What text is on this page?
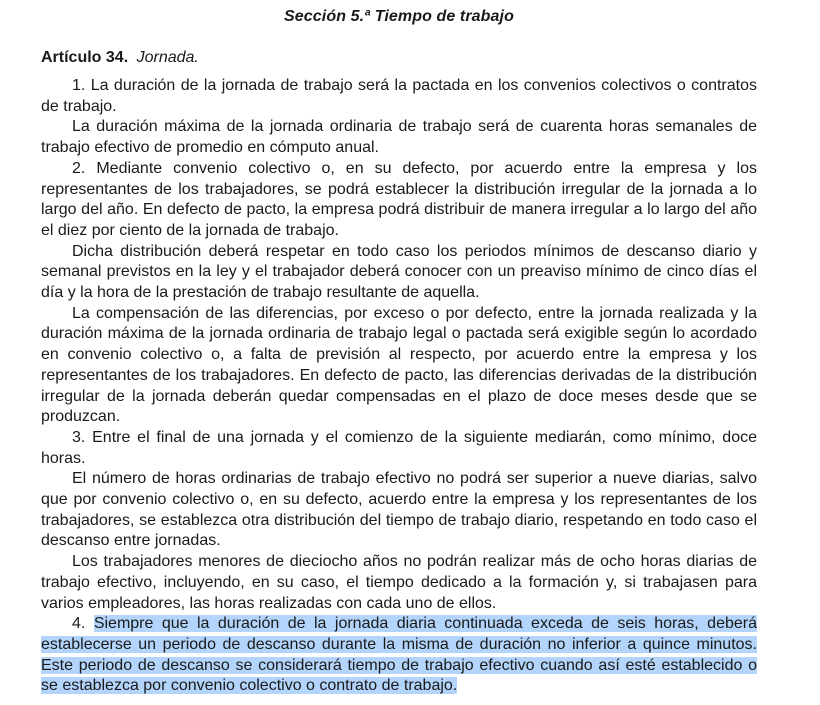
Sección 5.ª Tiempo de trabajo
Artículo 34. Jornada.

1. La duración de la jornada de trabajo será la pactada en los convenios colectivos o contratos de trabajo.

La duración máxima de la jornada ordinaria de trabajo será de cuarenta horas semanales de trabajo efectivo de promedio en cómputo anual.

2. Mediante convenio colectivo o, en su defecto, por acuerdo entre la empresa y los representantes de los trabajadores, se podrá establecer la distribución irregular de la jornada a lo largo del año. En defecto de pacto, la empresa podrá distribuir de manera irregular a lo largo del año el diez por ciento de la jornada de trabajo.

Dicha distribución deberá respetar en todo caso los periodos mínimos de descanso diario y semanal previstos en la ley y el trabajador deberá conocer con un preaviso mínimo de cinco días el día y la hora de la prestación de trabajo resultante de aquella.

La compensación de las diferencias, por exceso o por defecto, entre la jornada realizada y la duración máxima de la jornada ordinaria de trabajo legal o pactada será exigible según lo acordado en convenio colectivo o, a falta de previsión al respecto, por acuerdo entre la empresa y los representantes de los trabajadores. En defecto de pacto, las diferencias derivadas de la distribución irregular de la jornada deberán quedar compensadas en el plazo de doce meses desde que se produzcan.

3. Entre el final de una jornada y el comienzo de la siguiente mediarán, como mínimo, doce horas.

El número de horas ordinarias de trabajo efectivo no podrá ser superior a nueve diarias, salvo que por convenio colectivo o, en su defecto, acuerdo entre la empresa y los representantes de los trabajadores, se establezca otra distribución del tiempo de trabajo diario, respetando en todo caso el descanso entre jornadas.

Los trabajadores menores de dieciocho años no podrán realizar más de ocho horas diarias de trabajo efectivo, incluyendo, en su caso, el tiempo dedicado a la formación y, si trabajasen para varios empleadores, las horas realizadas con cada uno de ellos.

4. Siempre que la duración de la jornada diaria continuada exceda de seis horas, deberá establecerse un periodo de descanso durante la misma de duración no inferior a quince minutos. Este periodo de descanso se considerará tiempo de trabajo efectivo cuando así esté establecido o se establezca por convenio colectivo o contrato de trabajo.
